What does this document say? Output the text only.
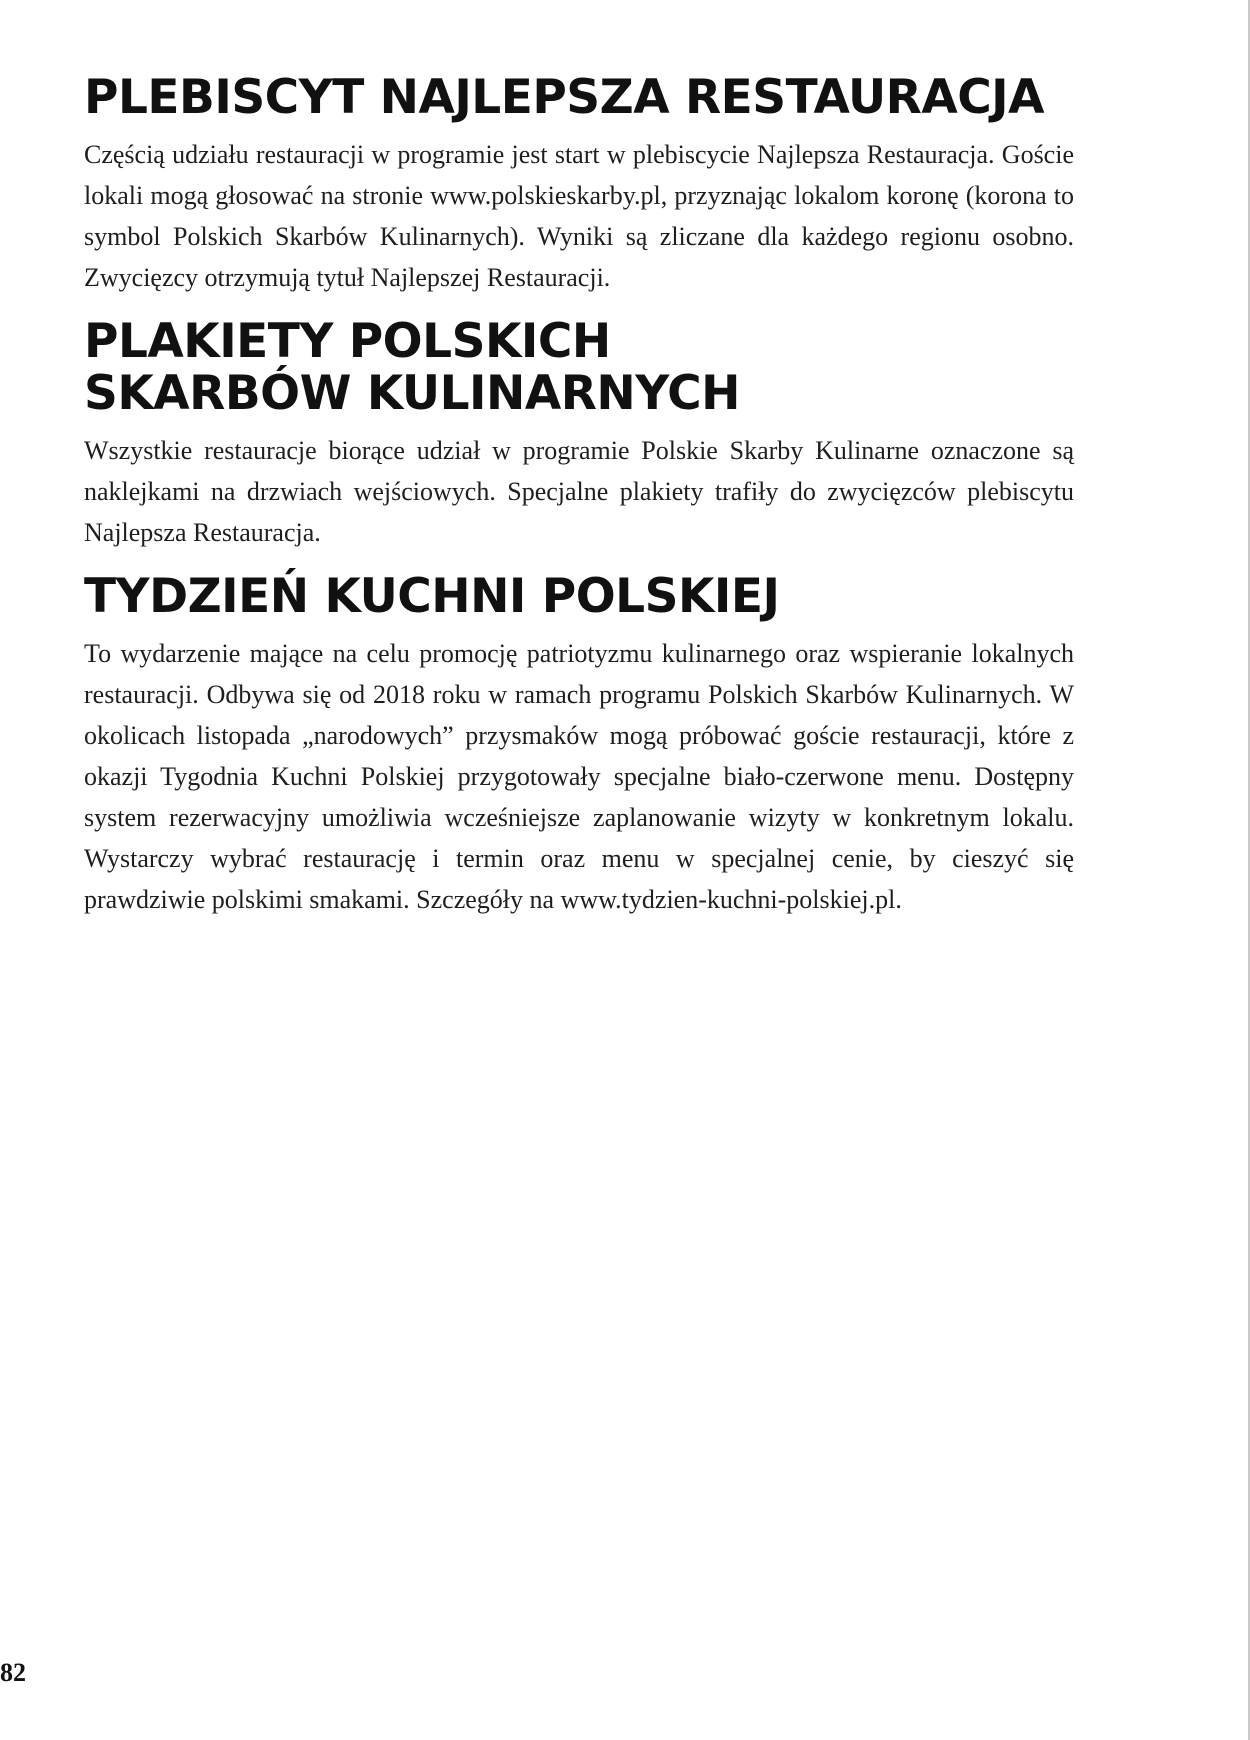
PLEBISCYT NAJLEPSZA RESTAURACJA

Częścią udziału restauracji w programie jest start w plebiscycie Najlepsza Restauracja. Goście lokali mogą głosować na stronie www.polskieskarby.pl, przyznając lokalom koronę (korona to symbol Polskich Skarbów Kulinarnych). Wyniki są zliczane dla każdego regionu osobno. Zwycięzcy otrzymują tytuł Najlepszej Restauracji.

PLAKIETY POLSKICH SKARBÓW KULINARNYCH

Wszystkie restauracje biorące udział w programie Polskie Skarby Kulinarne oznaczone są naklejkami na drzwiach wejściowych. Specjalne plakiety trafiły do zwycięzców plebiscytu Najlepsza Restauracja.

TYDZIEŃ KUCHNI POLSKIEJ

To wydarzenie mające na celu promocję patriotyzmu kulinarnego oraz wspieranie lokalnych restauracji. Odbywa się od 2018 roku w ramach programu Polskich Skarbów Kulinarnych. W okolicach listopada „narodowych” przysmaków mogą próbować goście restauracji, które z okazji Tygodnia Kuchni Polskiej przygotowały specjalne biało-czerwone menu. Dostępny system rezerwacyjny umożliwia wcześniejsze zaplanowanie wizyty w konkretnym lokalu. Wystarczy wybrać restaurację i termin oraz menu w specjalnej cenie, by cieszyć się prawdziwie polskimi smakami. Szczegóły na www.tydzien-kuchni-polskiej.pl.

82
